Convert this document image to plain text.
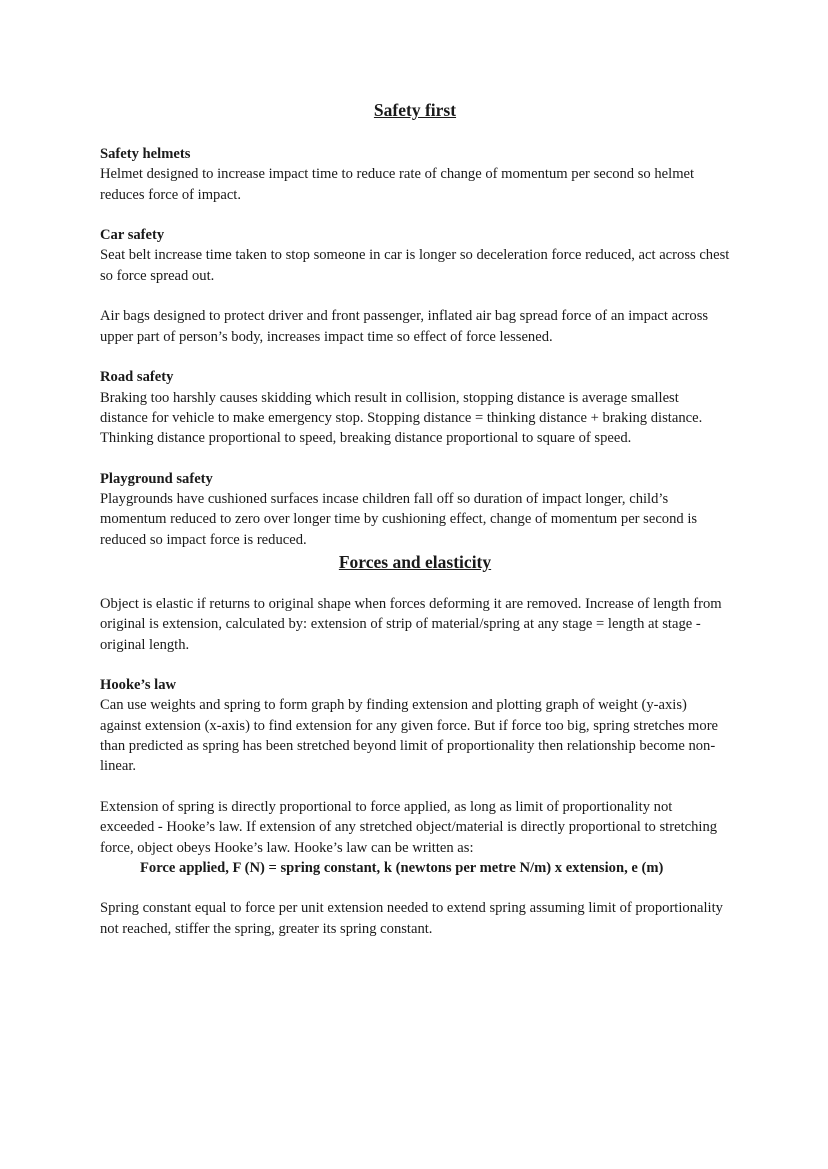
Safety first

Safety helmets

Helmet designed to increase impact time to reduce rate of change of momentum per second so helmet reduces force of impact.

Car safety

Seat belt increase time taken to stop someone in car is longer so deceleration force reduced, act across chest so force spread out.

Air bags designed to protect driver and front passenger, inflated air bag spread force of an impact across upper part of person’s body, increases impact time so effect of force lessened.

Road safety

Braking too harshly causes skidding which result in collision, stopping distance is average smallest distance for vehicle to make emergency stop. Stopping distance = thinking distance + braking distance. Thinking distance proportional to speed, breaking distance proportional to square of speed.

Playground safety

Playgrounds have cushioned surfaces incase children fall off so duration of impact longer, child’s momentum reduced to zero over longer time by cushioning effect, change of momentum per second is reduced so impact force is reduced.

Forces and elasticity

Object is elastic if returns to original shape when forces deforming it are removed. Increase of length from original is extension, calculated by: extension of strip of material/spring at any stage = length at stage - original length.

Hooke’s law

Can use weights and spring to form graph by finding extension and plotting graph of weight (y-axis) against extension (x-axis) to find extension for any given force. But if force too big, spring stretches more than predicted as spring has been stretched beyond limit of proportionality then relationship become non-linear.

Extension of spring is directly proportional to force applied, as long as limit of proportionality not exceeded - Hooke’s law. If extension of any stretched object/material is directly proportional to stretching force, object obeys Hooke’s law. Hooke’s law can be written as:

Force applied, F (N) = spring constant, k (newtons per metre N/m) x extension, e (m)

Spring constant equal to force per unit extension needed to extend spring assuming limit of proportionality not reached, stiffer the spring, greater its spring constant.
